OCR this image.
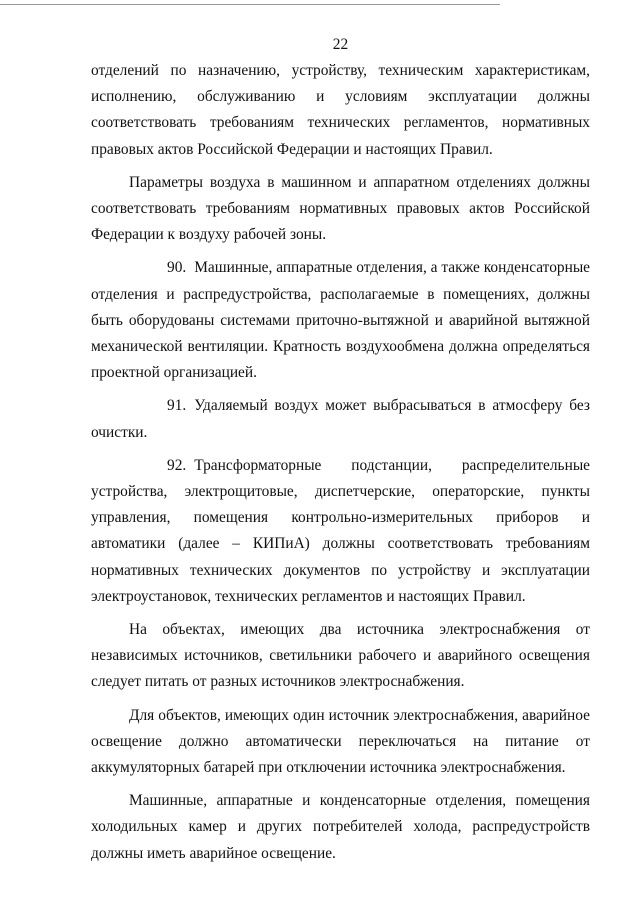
22

отделений по назначению, устройству, техническим характеристикам, исполнению, обслуживанию и условиям эксплуатации должны соответствовать требованиям технических регламентов, нормативных правовых актов Российской Федерации и настоящих Правил.

Параметры воздуха в машинном и аппаратном отделениях должны соответствовать требованиям нормативных правовых актов Российской Федерации к воздуху рабочей зоны.

90. Машинные, аппаратные отделения, а также конденсаторные отделения и распредустройства, располагаемые в помещениях, должны быть оборудованы системами приточно-вытяжной и аварийной вытяжной механической вентиляции. Кратность воздухообмена должна определяться проектной организацией.

91. Удаляемый воздух может выбрасываться в атмосферу без очистки.

92. Трансформаторные подстанции, распределительные устройства, электрощитовые, диспетчерские, операторские, пункты управления, помещения контрольно-измерительных приборов и автоматики (далее – КИПиА) должны соответствовать требованиям нормативных технических документов по устройству и эксплуатации электроустановок, технических регламентов и настоящих Правил.

На объектах, имеющих два источника электроснабжения от независимых источников, светильники рабочего и аварийного освещения следует питать от разных источников электроснабжения.

Для объектов, имеющих один источник электроснабжения, аварийное освещение должно автоматически переключаться на питание от аккумуляторных батарей при отключении источника электроснабжения.

Машинные, аппаратные и конденсаторные отделения, помещения холодильных камер и других потребителей холода, распредустройств должны иметь аварийное освещение.
